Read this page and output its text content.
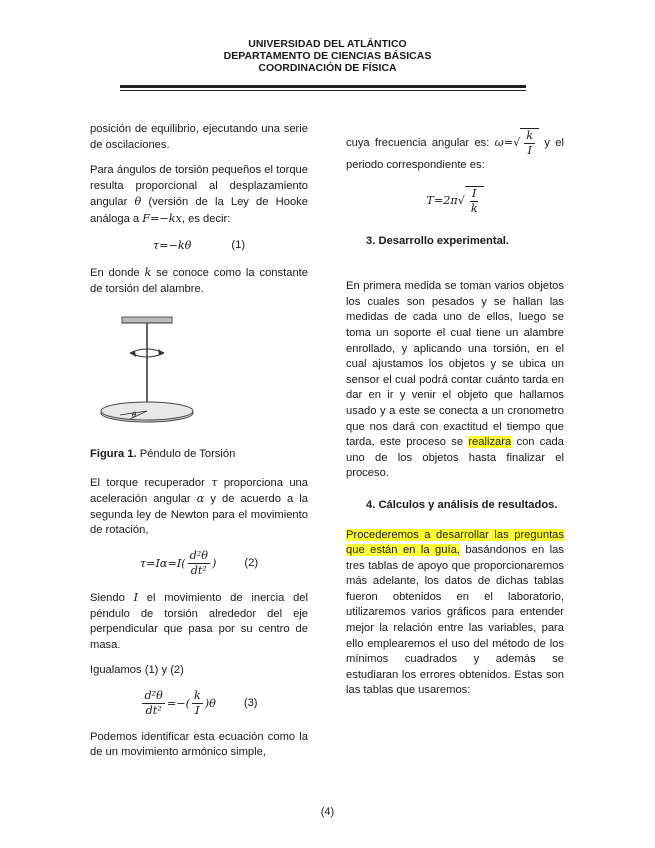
UNIVERSIDAD DEL ATLÁNTICO
DEPARTAMENTO DE CIENCIAS BÁSICAS
COORDINACIÓN DE FÍSICA

posición de equilibrio, ejecutando una serie de oscilaciones.

Para ángulos de torsión pequeños el torque resulta proporcional al desplazamiento angular θ (versión de la Ley de Hooke análoga a F=−kx, es decir:

τ=−kθ	(1)

En donde k se conoce como la constante de torsión del alambre.

θ

Figura 1. Péndulo de Torsión

El torque recuperador τ proporciona una aceleración angular α y de acuerdo a la segunda ley de Newton para el movimiento de rotación,

$\tau=I\alpha=I( \frac{\text{d²θ}}{\text{dt²}}$ )	(2)

Siendo I el movimiento de inercia del péndulo de torsión alrededor del eje perpendicular que pasa por su centro de masa.

Igualamos (1) y (2)

$\frac{\text{d²θ}}{\text{dt²}}$ =−( $\frac{k}{I} )\theta$	(3)

Podemos identificar esta ecuación como la de un movimiento armónico simple,

cuya frecuencia angular es: $\omega=√ \frac{k}{I}$ y el periodo correspondiente es:

T=2π √ $\frac{I}{k}$

3. Desarrollo experimental.

En primera medida se toman varios objetos los cuales son pesados y se hallan las medidas de cada uno de ellos, luego se toma un soporte el cual tiene un alambre enrollado, y aplicando una torsión, en el cual ajustamos los objetos y se ubica un sensor el cual podrá contar cuánto tarda en dar en ir y venir el objeto que hallamos usado y a este se conecta a un cronometro que nos dará con exactitud el tiempo que tarda, este proceso se realizara con cada uno de los objetos hasta finalizar el proceso.

4. Cálculos y análisis de resultados.

Procederemos a desarrollar las preguntas que están en la guía, basándonos en las tres tablas de apoyo que proporcionaremos más adelante, los datos de dichas tablas fueron obtenidos en el laboratorio, utilizaremos varios gráficos para entender mejor la relación entre las variables, para ello emplearemos el uso del método de los mínimos cuadrados y además se estudiaran los errores obtenidos. Estas son las tablas que usaremos:

(4)
